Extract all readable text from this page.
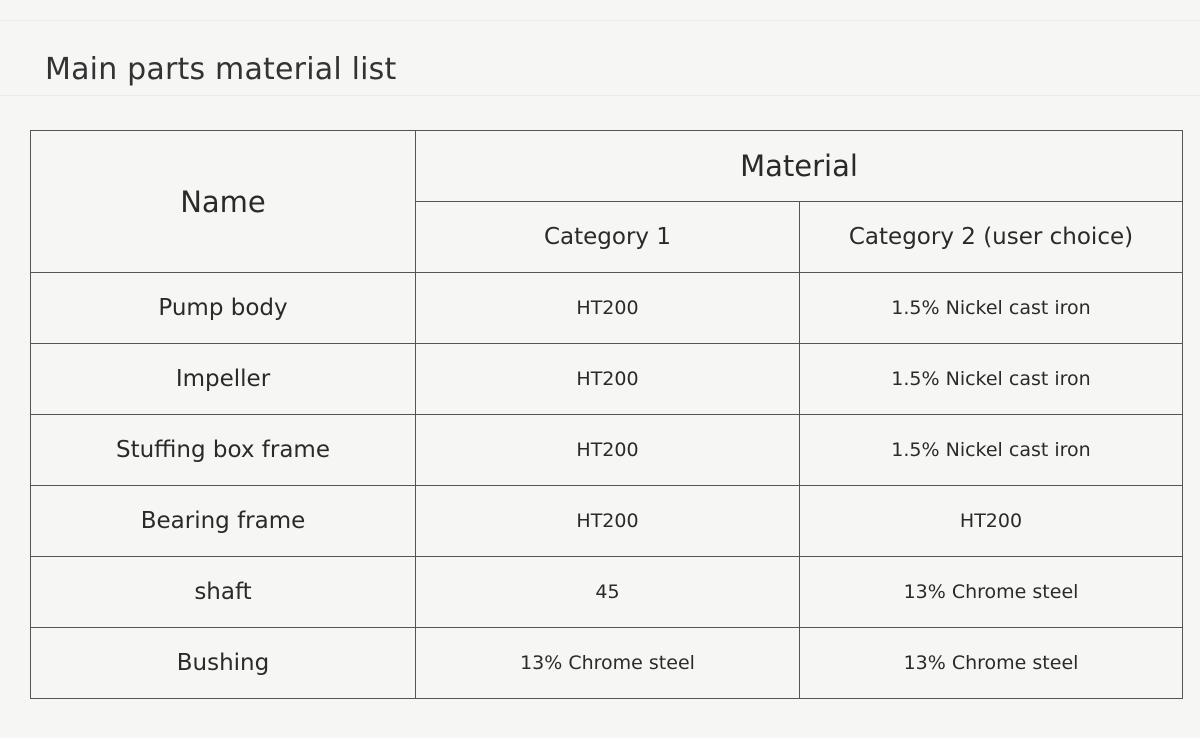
Main parts material list
Name	Material	
	Category 1	Category 2 (user choice)
Pump body	HT200	1.5% Nickel cast iron
Impeller	HT200	1.5% Nickel cast iron
Stuffing box frame	HT200	1.5% Nickel cast iron
Bearing frame	HT200	HT200
shaft	45	13% Chrome steel
Bushing	13% Chrome steel	13% Chrome steel
